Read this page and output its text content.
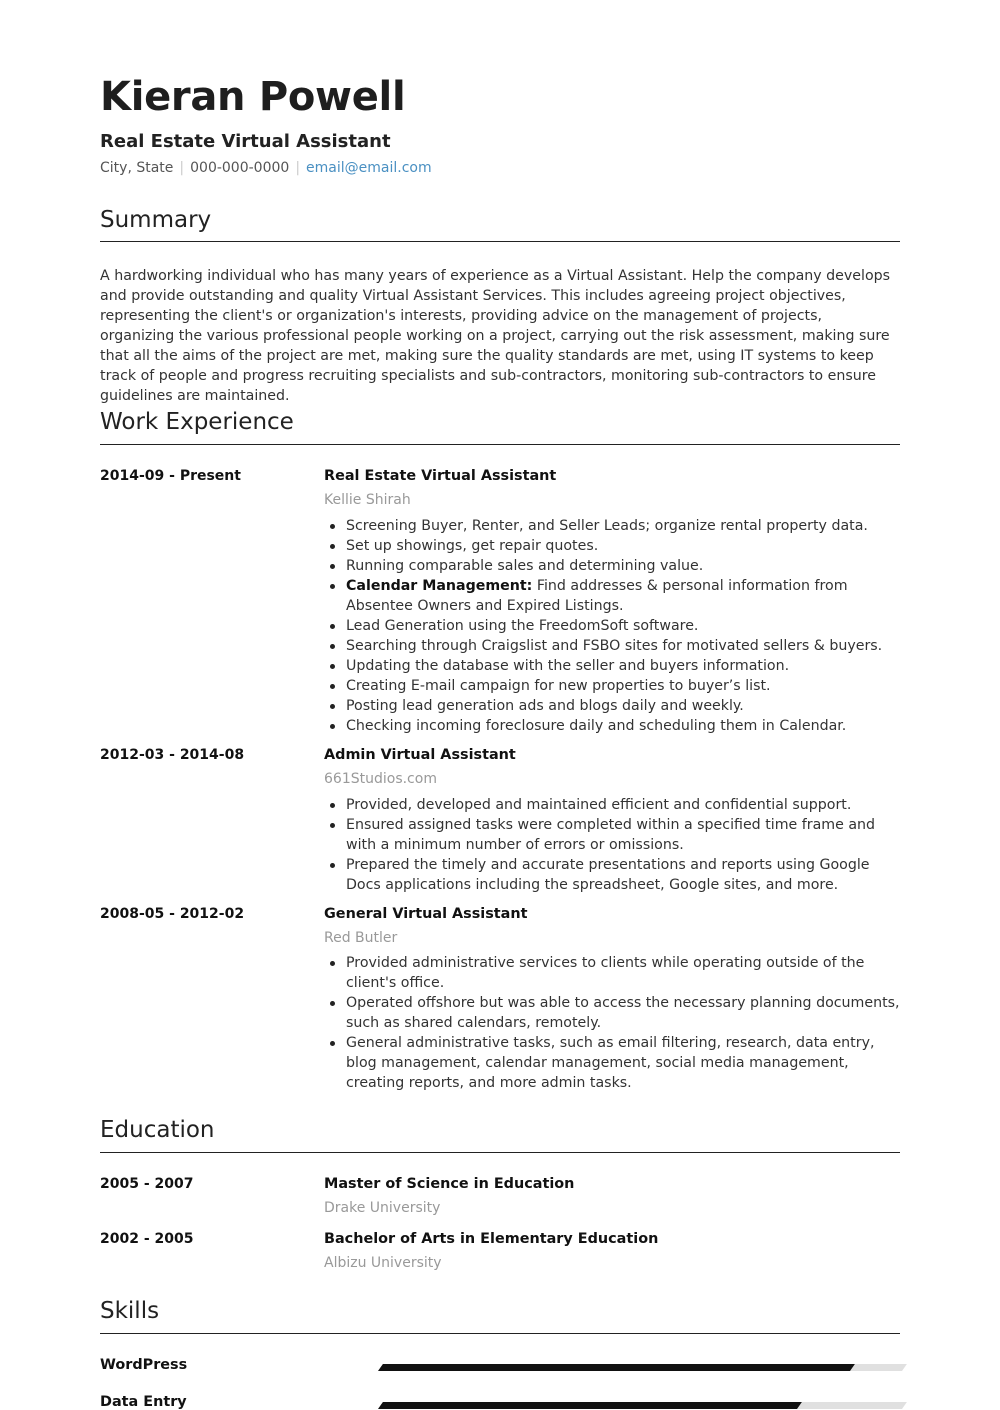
Kieran Powell
Real Estate Virtual Assistant
City, State | 000-000-0000 | email@email.com
Summary
A hardworking individual who has many years of experience as a Virtual Assistant. Help the company develops and provide outstanding and quality Virtual Assistant Services. This includes agreeing project objectives, representing the client's or organization's interests, providing advice on the management of projects, organizing the various professional people working on a project, carrying out the risk assessment, making sure that all the aims of the project are met, making sure the quality standards are met, using IT systems to keep track of people and progress recruiting specialists and sub-contractors, monitoring sub-contractors to ensure guidelines are maintained.
Work Experience
2014-09 - Present	Real Estate Virtual Assistant
Kellie Shirah
Screening Buyer, Renter, and Seller Leads; organize rental property data.
Set up showings, get repair quotes.
Running comparable sales and determining value.
Calendar Management: Find addresses & personal information from Absentee Owners and Expired Listings.
Lead Generation using the FreedomSoft software.
Searching through Craigslist and FSBO sites for motivated sellers & buyers.
Updating the database with the seller and buyers information.
Creating E-mail campaign for new properties to buyer’s list.
Posting lead generation ads and blogs daily and weekly.
Checking incoming foreclosure daily and scheduling them in Calendar.
2012-03 - 2014-08	Admin Virtual Assistant
661Studios.com
Provided, developed and maintained efficient and confidential support.
Ensured assigned tasks were completed within a specified time frame and with a minimum number of errors or omissions.
Prepared the timely and accurate presentations and reports using Google Docs applications including the spreadsheet, Google sites, and more.
2008-05 - 2012-02	General Virtual Assistant
Red Butler
Provided administrative services to clients while operating outside of the client's office.
Operated offshore but was able to access the necessary planning documents, such as shared calendars, remotely.
General administrative tasks, such as email filtering, research, data entry, blog management, calendar management, social media management, creating reports, and more admin tasks.
Education
2005 - 2007	Master of Science in Education
Drake University
2002 - 2005	Bachelor of Arts in Elementary Education
Albizu University
Skills
WordPress
Data Entry
